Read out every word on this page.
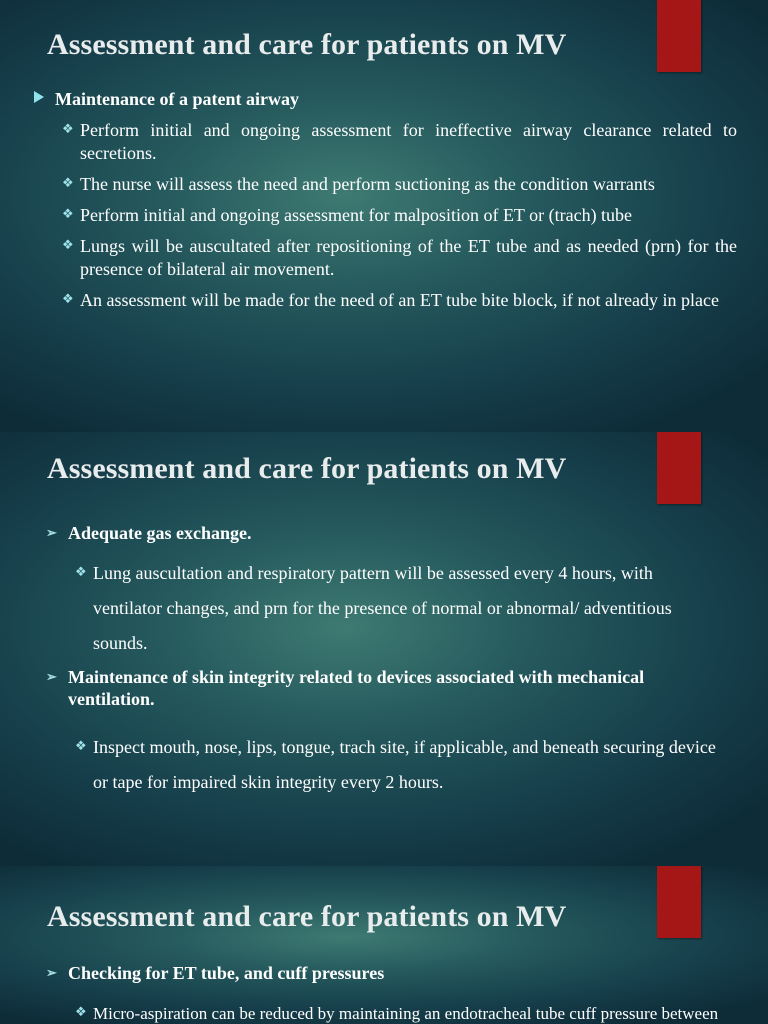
Assessment and care for patients on MV
Maintenance of a patent airway
❖ Perform initial and ongoing assessment for ineffective airway clearance related to secretions.
❖ The nurse will assess the need and perform suctioning as the condition warrants
❖ Perform initial and ongoing assessment for malposition of ET or (trach) tube
❖ Lungs will be auscultated after repositioning of the ET tube and as needed (prn) for the presence of bilateral air movement.
❖ An assessment will be made for the need of an ET tube bite block, if not already in place
Assessment and care for patients on MV
➢ Adequate gas exchange.
❖ Lung auscultation and respiratory pattern will be assessed every 4 hours, with ventilator changes, and prn for the presence of normal or abnormal/ adventitious sounds.
➢ Maintenance of skin integrity related to devices associated with mechanical ventilation.
❖ Inspect mouth, nose, lips, tongue, trach site, if applicable, and beneath securing device or tape for impaired skin integrity every 2 hours.
Assessment and care for patients on MV
➢ Checking for ET tube, and cuff pressures
❖ Micro-aspiration can be reduced by maintaining an endotracheal tube cuff pressure between
